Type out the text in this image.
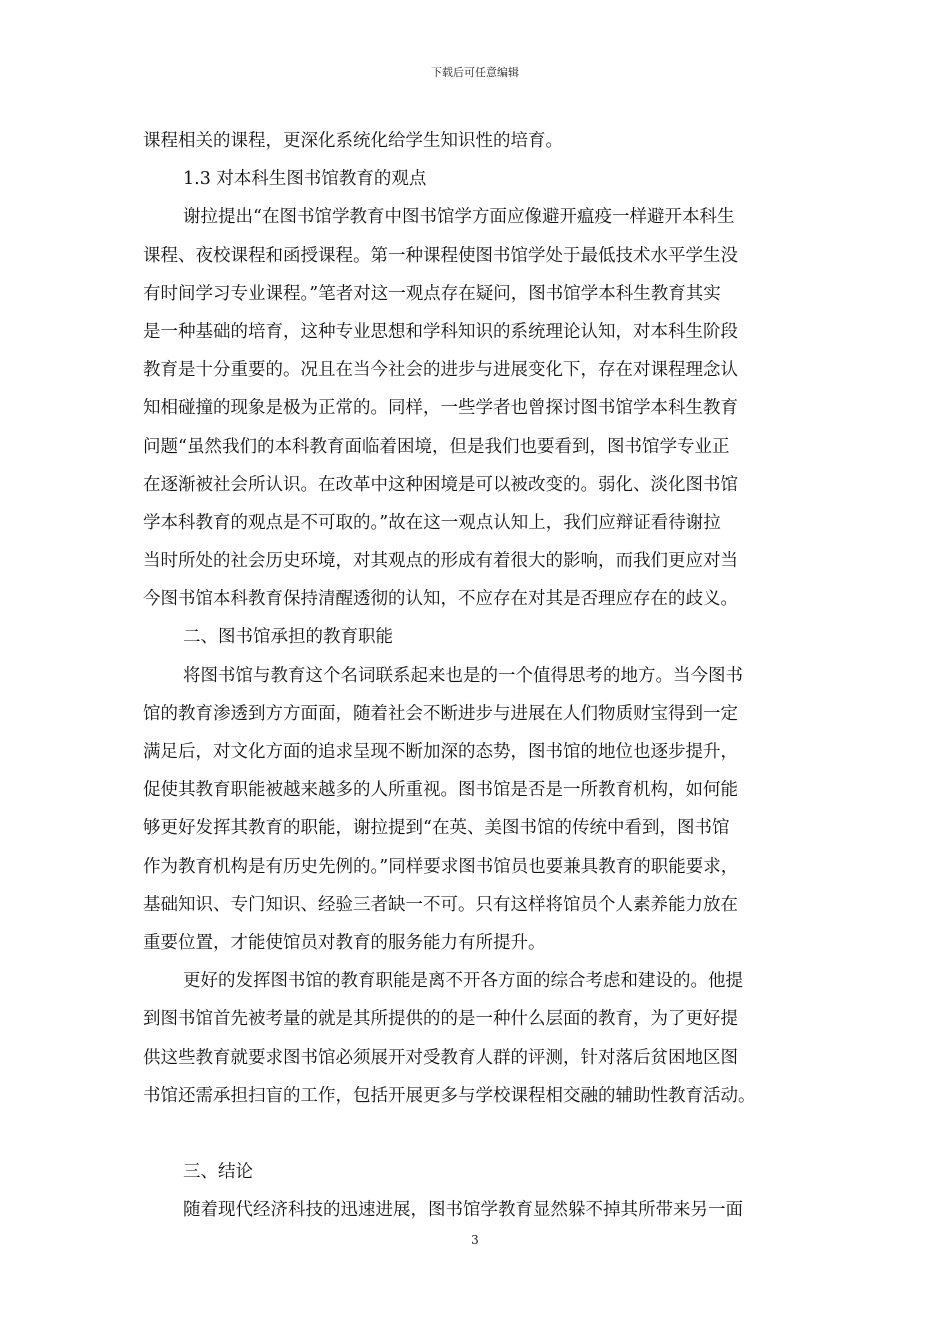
下载后可任意编辑
课程相关的课程，更深化系统化给学生知识性的培育。
1.3 对本科生图书馆教育的观点
谢拉提出“在图书馆学教育中图书馆学方面应像避开瘟疫一样避开本科生
课程、夜校课程和函授课程。第一种课程使图书馆学处于最低技术水平学生没
有时间学习专业课程。”笔者对这一观点存在疑问，图书馆学本科生教育其实
是一种基础的培育，这种专业思想和学科知识的系统理论认知，对本科生阶段
教育是十分重要的。况且在当今社会的进步与进展变化下，存在对课程理念认
知相碰撞的现象是极为正常的。同样，一些学者也曾探讨图书馆学本科生教育
问题“虽然我们的本科教育面临着困境，但是我们也要看到，图书馆学专业正
在逐渐被社会所认识。在改革中这种困境是可以被改变的。弱化、淡化图书馆
学本科教育的观点是不可取的。”故在这一观点认知上，我们应辩证看待谢拉
当时所处的社会历史环境，对其观点的形成有着很大的影响，而我们更应对当
今图书馆本科教育保持清醒透彻的认知，不应存在对其是否理应存在的歧义。
二、图书馆承担的教育职能
将图书馆与教育这个名词联系起来也是的一个值得思考的地方。当今图书
馆的教育渗透到方方面面，随着社会不断进步与进展在人们物质财宝得到一定
满足后，对文化方面的追求呈现不断加深的态势，图书馆的地位也逐步提升，
促使其教育职能被越来越多的人所重视。图书馆是否是一所教育机构，如何能
够更好发挥其教育的职能，谢拉提到“在英、美图书馆的传统中看到，图书馆
作为教育机构是有历史先例的。”同样要求图书馆员也要兼具教育的职能要求，
基础知识、专门知识、经验三者缺一不可。只有这样将馆员个人素养能力放在
重要位置，才能使馆员对教育的服务能力有所提升。
更好的发挥图书馆的教育职能是离不开各方面的综合考虑和建设的。他提
到图书馆首先被考量的就是其所提供的的是一种什么层面的教育，为了更好提
供这些教育就要求图书馆必须展开对受教育人群的评测，针对落后贫困地区图
书馆还需承担扫盲的工作，包括开展更多与学校课程相交融的辅助性教育活动。
三、结论
随着现代经济科技的迅速进展，图书馆学教育显然躲不掉其所带来另一面
3
